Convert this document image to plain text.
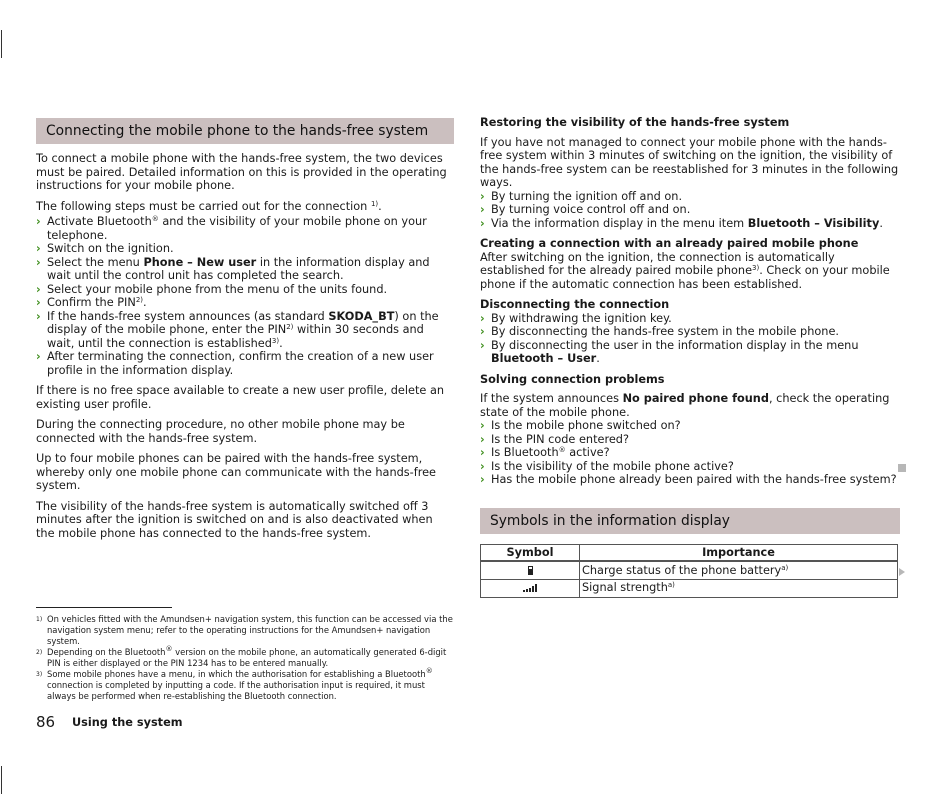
Connecting the mobile phone to the hands-free system

To connect a mobile phone with the hands-free system, the two devices must be paired. Detailed information on this is provided in the operating instructions for your mobile phone.

The following steps must be carried out for the connection $^{1)}$.

› Activate Bluetooth® and the visibility of your mobile phone on your telephone.
› Switch on the ignition.
› Select the menu Phone – New user in the information display and wait until the control unit has completed the search.
› Select your mobile phone from the menu of the units found.
› Confirm the PIN$^{2)}$.
› If the hands-free system announces (as standard SKODA_BT) on the display of the mobile phone, enter the PIN$^{2)}$ within 30 seconds and wait, until the connection is established$^{3)}$.
› After terminating the connection, confirm the creation of a new user profile in the information display.

If there is no free space available to create a new user profile, delete an existing user profile.

During the connecting procedure, no other mobile phone may be connected with the hands-free system.

Up to four mobile phones can be paired with the hands-free system, whereby only one mobile phone can communicate with the hands-free system.

The visibility of the hands-free system is automatically switched off 3 minutes after the ignition is switched on and is also deactivated when the mobile phone has connected to the hands-free system.

Restoring the visibility of the hands-free system

If you have not managed to connect your mobile phone with the hands-free system within 3 minutes of switching on the ignition, the visibility of the hands-free system can be reestablished for 3 minutes in the following ways.

› By turning the ignition off and on.
› By turning voice control off and on.
› Via the information display in the menu item Bluetooth – Visibility.
Creating a connection with an already paired mobile phone

After switching on the ignition, the connection is automatically established for the already paired mobile phone$^{3)}$. Check on your mobile phone if the automatic connection has been established.

Disconnecting the connection
› By withdrawing the ignition key.
› By disconnecting the hands-free system in the mobile phone.
› By disconnecting the user in the information display in the menu Bluetooth – User.
Solving connection problems

If the system announces No paired phone found, check the operating state of the mobile phone.

› Is the mobile phone switched on?
› Is the PIN code entered?
› Is Bluetooth® active?
› Is the visibility of the mobile phone active?
› Has the mobile phone already been paired with the hands-free system?
Symbols in the information display
Symbol	Importance
	Charge status of the phone battery$^{a)}$

	Signal strength$^{a)}$
1) On vehicles fitted with the Amundsen+ navigation system, this function can be accessed via the navigation system menu; refer to the operating instructions for the Amundsen+ navigation system.
2) Depending on the Bluetooth® version on the mobile phone, an automatically generated 6-digit PIN is either displayed or the PIN 1234 has to be entered manually.
3) Some mobile phones have a menu, in which the authorisation for establishing a Bluetooth® connection is completed by inputting a code. If the authorisation input is required, it must always be performed when re-establishing the Bluetooth connection.
86 Using the system
